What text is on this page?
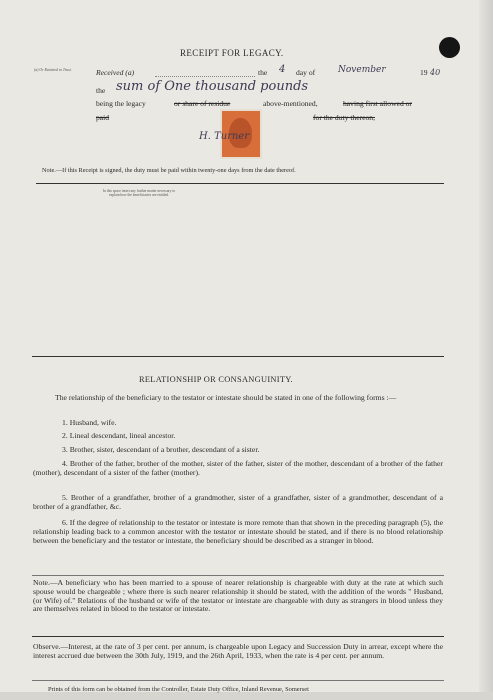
RECEIPT FOR LEGACY.
(a) Or Retained in Trust.	Received (a)	the 4 day of	November	19 40
the sum of One thousand pounds
being the legacy	or share of residue	above-mentioned,	having first allowed or
paid	for the duty thereon,
H. Turner
Note.—If this Receipt is signed, the duty must be paid within twenty-one days from the date thereof.
In this space insert any further matter necessary to explain how the beneficiaries are entitled.
RELATIONSHIP OR CONSANGUINITY.
The relationship of the beneficiary to the testator or intestate should be stated in one of the following forms :—
1. Husband, wife.
2. Lineal descendant, lineal ancestor.
3. Brother, sister, descendant of a brother, descendant of a sister.
4. Brother of the father, brother of the mother, sister of the father, sister of the mother, descendant of a brother of the father (mother), descendant of a sister of the father (mother).
5. Brother of a grandfather, brother of a grandmother, sister of a grandfather, sister of a grandmother, descendant of a brother of a grandfather, &c.
6. If the degree of relationship to the testator or intestate is more remote than that shown in the preceding paragraph (5), the relationship leading back to a common ancestor with the testator or intestate should be stated, and if there is no blood relationship between the beneficiary and the testator or intestate, the beneficiary should be described as a stranger in blood.
Note.—A beneficiary who has been married to a spouse of nearer relationship is chargeable with duty at the rate at which such spouse would be chargeable ; where there is such nearer relationship it should be stated, with the addition of the words " Husband, (or Wife) of." Relations of the husband or wife of the testator or intestate are chargeable with duty as strangers in blood unless they are themselves related in blood to the testator or intestate.
Observe.—Interest, at the rate of 3 per cent. per annum, is chargeable upon Legacy and Succession Duty in arrear, except where the interest accrued due between the 30th July, 1919, and the 26th April, 1933, when the rate is 4 per cent. per annum.
Prints of this form can be obtained from the Controller, Estate Duty Office, Inland Revenue, Somerset
